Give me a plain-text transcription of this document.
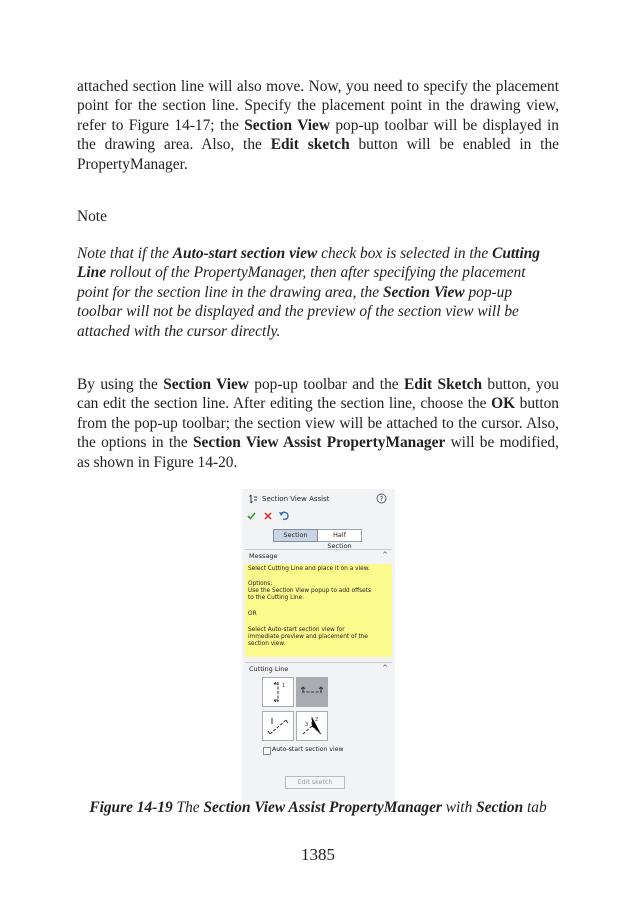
attached section line will also move. Now, you need to specify the placement point for the section line. Specify the placement point in the drawing view, refer to Figure 14-17; the Section View pop-up toolbar will be displayed in the drawing area. Also, the Edit sketch button will be enabled in the PropertyManager.

Note

Note that if the Auto-start section view check box is selected in the Cutting Line rollout of the PropertyManager, then after specifying the placement point for the section line in the drawing area, the Section View pop-up toolbar will not be displayed and the preview of the section view will be attached with the cursor directly.

By using the Section View pop-up toolbar and the Edit Sketch button, you can edit the section line. After editing the section line, choose the OK button from the pop-up toolbar; the section view will be attached to the cursor. Also, the options in the Section View Assist PropertyManager will be modified, as shown in Figure 14-20.

Section View Assist	?
Section	Half Section
Message	^
Select Cutting Line and place it on a view.
Options:
Use the Section View popup to add offsets
to the Cutting Line.
OR
Select Auto-start section view for
immediate preview and placement of the
section view.
Cutting Line	^
1
2
3
Auto-start section view
Edit sketch

Figure 14-19 The Section View Assist PropertyManager with Section tab

1385
